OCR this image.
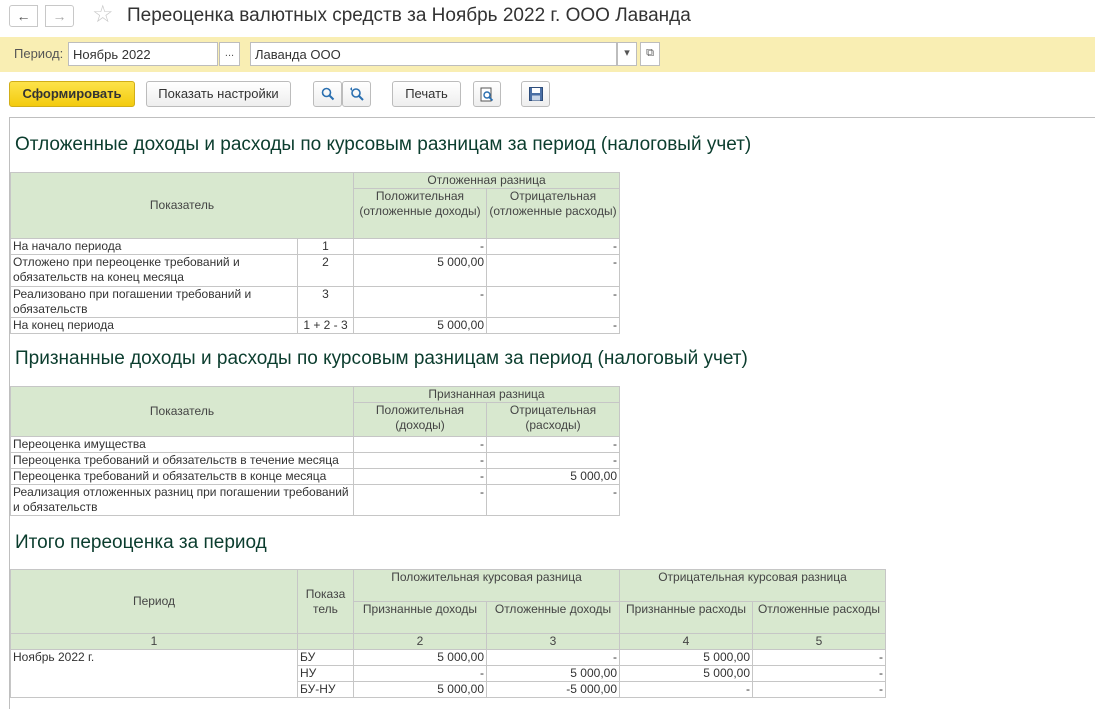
←	→	☆ Переоценка валютных средств за Ноябрь 2022 г. ООО Лаванда
Период: Ноябрь 2022	...	Лаванда ООО	▾	⧉
Сформировать	Показать настройки	Печать
Отложенные доходы и расходы по курсовым разницам за период (налоговый учет)
Показатель		Отложенная разница	
		Положительная (отложенные доходы)	Отрицательная (отложенные расходы)
На начало периода	1	-	-
Отложено при переоценке требований и обязательств на конец месяца	2	5 000,00	-
Реализовано при погашении требований и обязательств	3	-	-
На конец периода	1 + 2 - 3	5 000,00	-
Признанные доходы и расходы по курсовым разницам за период (налоговый учет)
Показатель	Признанная разница	
	Положительная (доходы)	Отрицательная (расходы)
Переоценка имущества	-	-
Переоценка требований и обязательств в течение месяца	-	-
Переоценка требований и обязательств в конце месяца	-	5 000,00
Реализация отложенных разниц при погашении требований и обязательств	-	-
Итого переоценка за период
Период	Показа тель	Положительная курсовая разница		Отрицательная курсовая разница	
		Признанные доходы	Отложенные доходы	Признанные расходы	Отложенные расходы
1		2	3	4	5
Ноябрь 2022 г.	БУ	5 000,00	-	5 000,00	-
	НУ	-	5 000,00	5 000,00	-
	БУ-НУ	5 000,00	-5 000,00	-	-
